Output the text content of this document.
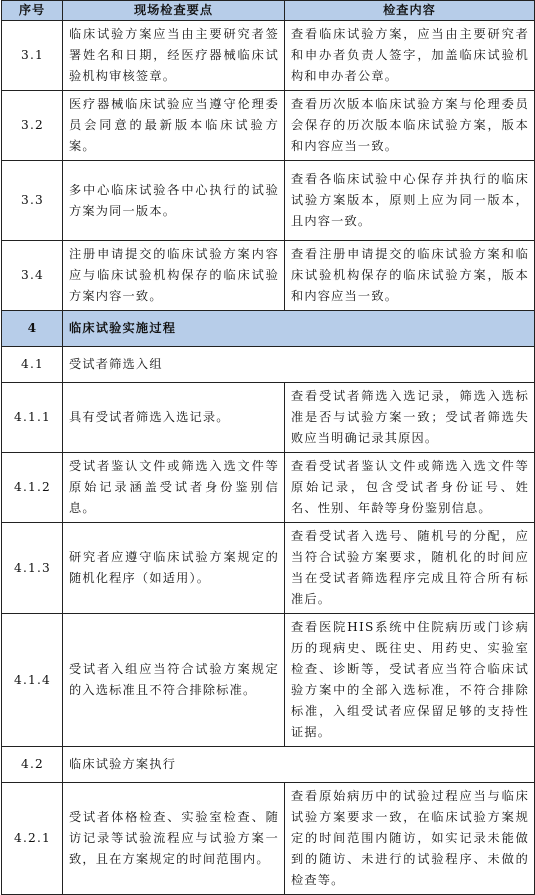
序号	现场检查要点	检查内容
3.1	临床试验方案应当由主要研究者签署姓名和日期，经医疗器械临床试验机构审核签章。	查看临床试验方案，应当由主要研究者和申办者负责人签字，加盖临床试验机构和申办者公章。
3.2	医疗器械临床试验应当遵守伦理委员会同意的最新版本临床试验方案。	查看历次版本临床试验方案与伦理委员会保存的历次版本临床试验方案，版本和内容应当一致。
3.3	多中心临床试验各中心执行的试验方案为同一版本。	查看各临床试验中心保存并执行的临床试验方案版本，原则上应为同一版本，且内容一致。
3.4	注册申请提交的临床试验方案内容应与临床试验机构保存的临床试验方案内容一致。	查看注册申请提交的临床试验方案和临床试验机构保存的临床试验方案，版本和内容应当一致。
4	临床试验实施过程	
4.1	受试者筛选入组	
4.1.1	具有受试者筛选入选记录。	查看受试者筛选入选记录，筛选入选标准是否与试验方案一致；受试者筛选失败应当明确记录其原因。
4.1.2	受试者鉴认文件或筛选入选文件等原始记录涵盖受试者身份鉴别信息。	查看受试者鉴认文件或筛选入选文件等原始记录，包含受试者身份证号、姓名、性别、年龄等身份鉴别信息。
4.1.3	研究者应遵守临床试验方案规定的随机化程序（如适用）。	查看受试者入选号、随机号的分配，应当符合试验方案要求，随机化的时间应当在受试者筛选程序完成且符合所有标准后。
4.1.4	受试者入组应当符合试验方案规定的入选标准且不符合排除标准。	查看医院HIS系统中住院病历或门诊病历的现病史、既往史、用药史、实验室检查、诊断等，受试者应当符合临床试验方案中的全部入选标准，不符合排除标准，入组受试者应保留足够的支持性证据。
4.2	临床试验方案执行	
4.2.1	受试者体格检查、实验室检查、随访记录等试验流程应与试验方案一致，且在方案规定的时间范围内。	查看原始病历中的试验过程应当与临床试验方案要求一致，在临床试验方案规定的时间范围内随访，如实记录未能做到的随访、未进行的试验程序、未做的检查等。
